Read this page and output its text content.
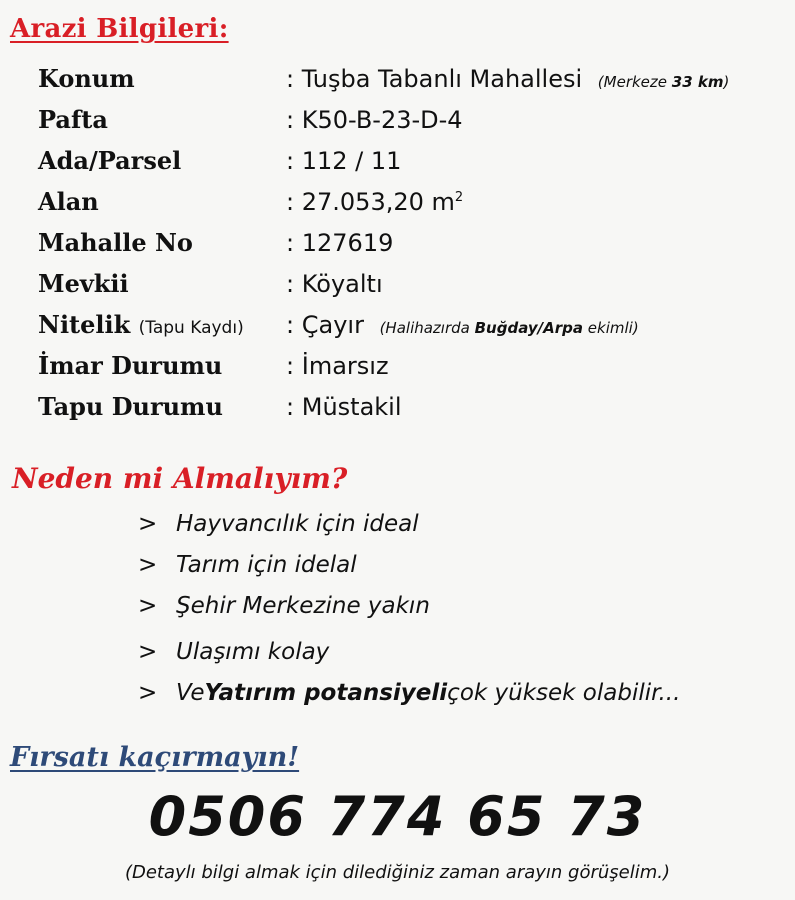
Arazi Bilgileri:
Konum	: Tuşba Tabanlı Mahallesi (Merkeze 33 km)
Pafta	: K50-B-23-D-4
Ada/Parsel	: 112 / 11
Alan	: 27.053,20 $m^2$
Mahalle No	: 127619
Mevkii	: Köyaltı
Nitelik (Tapu Kaydı)	: Çayır (Halihazırda Buğday/Arpa ekimli)
İmar Durumu	: İmarsız
Tapu Durumu	: Müstakil
Neden mi Almalıyım?
> Hayvancılık için ideal
> Tarım için idelal
> Şehir Merkezine yakın
> Ulaşımı kolay
> Ve Yatırım potansiyeli çok yüksek olabilir...
Fırsatı kaçırmayın!
0506 774 65 73
(Detaylı bilgi almak için dilediğiniz zaman arayın görüşelim.)
